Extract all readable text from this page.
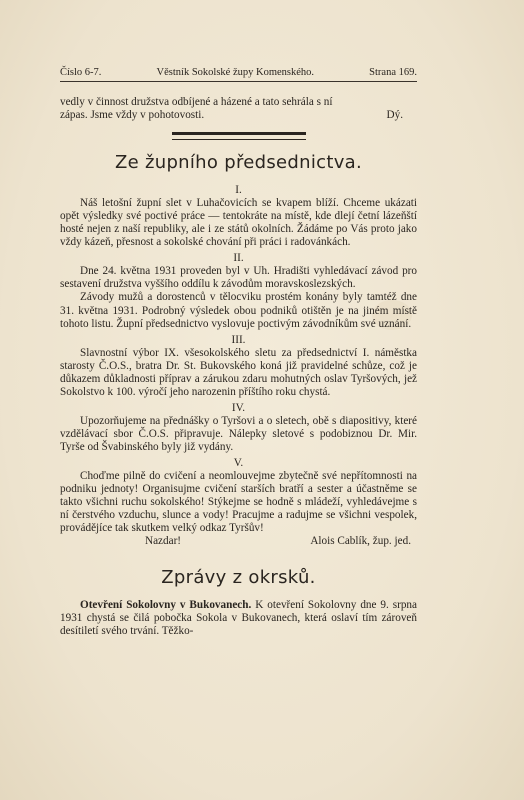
Číslo 6-7.	Věstník Sokolské župy Komenského.	Strana 169.

vedly v činnost družstva odbíjené a házené a tato sehrála s ní

zápas. Jsme vždy v pohotovosti.	Dý.

Ze župního předsednictva.
I.

Náš letošní župní slet v Luhačovicích se kvapem blíží. Chceme ukázati opět výsledky své poctivé práce — tentokráte na místě, kde dlejí četní lázeňští hosté nejen z naší republiky, ale i ze států okolních. Žádáme po Vás proto jako vždy kázeň, přesnost a sokolské chování při práci i radovánkách.

II.

Dne 24. května 1931 proveden byl v Uh. Hradišti vyhledávací závod pro sestavení družstva vyššího oddílu k závodům moravskoslezských.

Závody mužů a dorostenců v tělocviku prostém konány byly tamtéž dne 31. května 1931. Podrobný výsledek obou podniků otištěn je na jiném místě tohoto listu. Župní předsednictvo vyslovuje poctivým závodníkům své uznání.

III.

Slavnostní výbor IX. všesokolského sletu za předsednictví I. náměstka starosty Č.O.S., bratra Dr. St. Bukovského koná již pravidelné schůze, což je důkazem důkladnosti příprav a zárukou zdaru mohutných oslav Tyršových, jež Sokolstvo k 100. výročí jeho narozenin příštího roku chystá.

IV.

Upozorňujeme na přednášky o Tyršovi a o sletech, obě s diapositivy, které vzdělávací sbor Č.O.S. připravuje. Nálepky sletové s podobiznou Dr. Mir. Tyrše od Švabinského byly již vydány.

V.

Choďme pilně do cvičení a neomlouvejme zbytečně své nepřítomnosti na podniku jednoty! Organisujme cvičení starších bratří a sester a účastněme se takto všichni ruchu sokolského! Stýkejme se hodně s mládeží, vyhledávejme s ní čerstvého vzduchu, slunce a vody! Pracujme a radujme se všichni vespolek, provádějíce tak skutkem velký odkaz Tyršův!

Nazdar!	Alois Cablík, žup. jed.

Zprávy z okrsků.

Otevření Sokolovny v Bukovanech. K otevření Sokolovny dne 9. srpna 1931 chystá se čilá pobočka Sokola v Bukovanech, která oslaví tím zároveň desítiletí svého trvání. Těžko-
